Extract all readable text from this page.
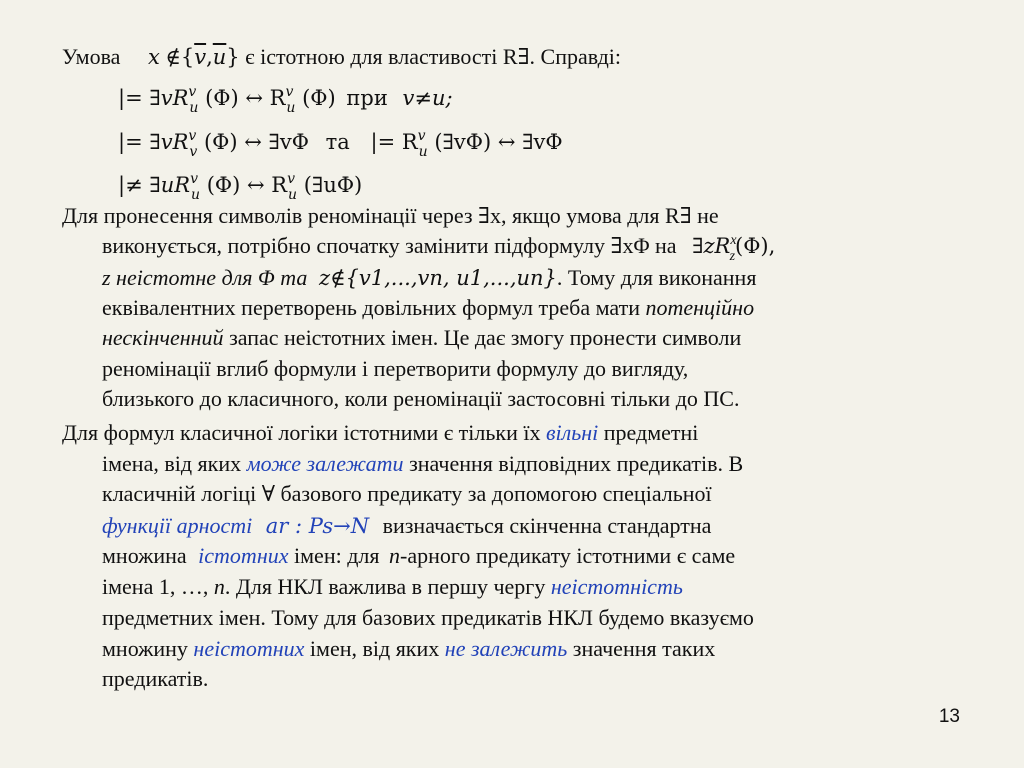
Умова x $\notin\{\overline{v},\overline{u}\}$ є істотною для властивості R∃. Справді:
|= $\exists vR^v_u$ (Φ) ↔ $R^v_u$ (Φ) при v≠u;
|= $\exists vR^v_v$ (Φ) ↔ ∃vΦ та |= $R^v_u$ (∃vΦ) ↔ ∃vΦ
|≠ $\exists uR^v_u$ (Φ) ↔ $R^v_u$ (∃uΦ)
Для пронесення символів реномінації через ∃x, якщо умова для R∃ не
виконується, потрібно спочатку замінити підформулу ∃xΦ на $\exists zR^x_z(\Phi)$,
z неістотне для Φ та z∉{v1,...,vn, u1,...,un}. Тому для виконання
еквівалентних перетворень довільних формул треба мати потенційно
нескінченний запас неістотних імен. Це дає змогу пронести символи
реномінації вглиб формули і перетворити формулу до вигляду,
близького до класичного, коли реномінації застосовні тільки до ПС.
Для формул класичної логіки істотними є тільки їх вільні предметні
імена, від яких може залежати значення відповідних предикатів. В
класичній логіці ∀ базового предикату за допомогою спеціальної
функції арності ar : Ps→N визначається скінченна стандартна
множина істотних імен: для n-арного предикату істотними є саме
імена 1, …, n. Для НКЛ важлива в першу чергу неістотність
предметних імен. Тому для базових предикатів НКЛ будемо вказуємо
множину неістотних імен, від яких не залежить значення таких
предикатів.
13
